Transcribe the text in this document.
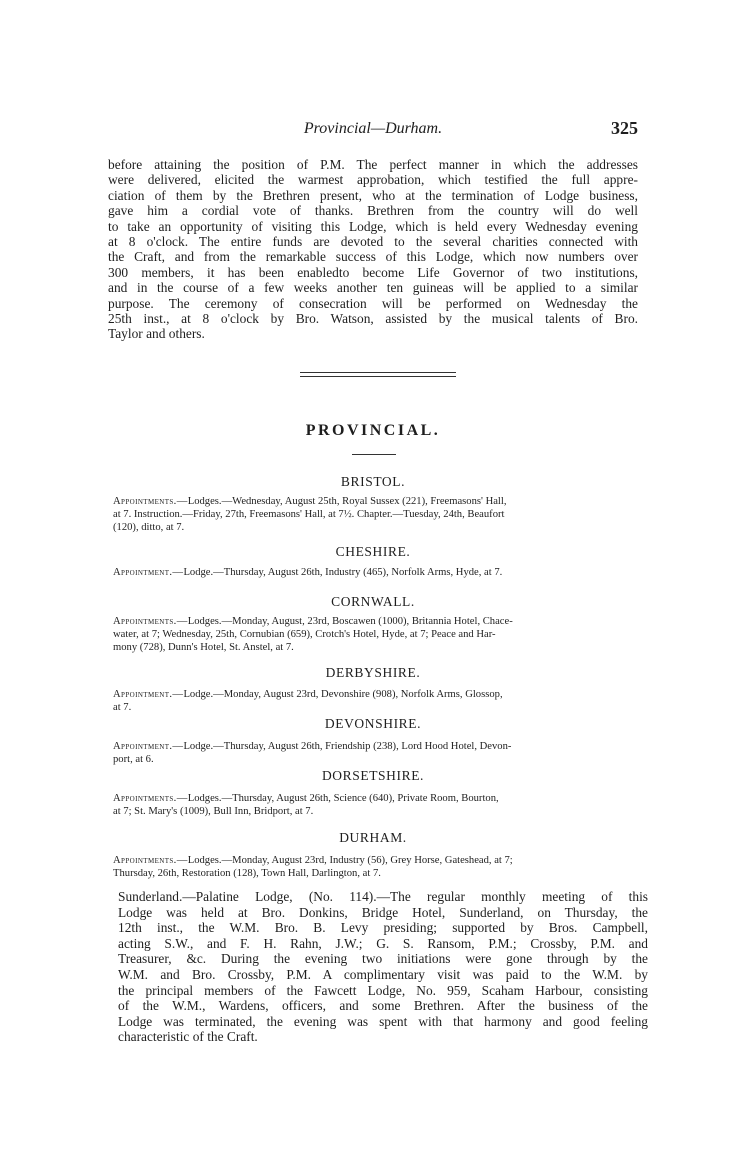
Provincial—Durham.	325
before attaining the position of P.M. The perfect manner in which the addresses
were delivered, elicited the warmest approbation, which testified the full appre-
ciation of them by the Brethren present, who at the termination of Lodge business,
gave him a cordial vote of thanks. Brethren from the country will do well
to take an opportunity of visiting this Lodge, which is held every Wednesday evening
at 8 o'clock. The entire funds are devoted to the several charities connected with
the Craft, and from the remarkable success of this Lodge, which now numbers over
300 members, it has been enabledto become Life Governor of two institutions,
and in the course of a few weeks another ten guineas will be applied to a similar
purpose. The ceremony of consecration will be performed on Wednesday the
25th inst., at 8 o'clock by Bro. Watson, assisted by the musical talents of Bro.
Taylor and others.
PROVINCIAL.
BRISTOL.
Appointments.—Lodges.—Wednesday, August 25th, Royal Sussex (221), Freemasons' Hall,
at 7. Instruction.—Friday, 27th, Freemasons' Hall, at 7½. Chapter.—Tuesday, 24th, Beaufort
(120), ditto, at 7.
CHESHIRE.
Appointment.—Lodge.—Thursday, August 26th, Industry (465), Norfolk Arms, Hyde, at 7.
CORNWALL.
Appointments.—Lodges.—Monday, August, 23rd, Boscawen (1000), Britannia Hotel, Chace-
water, at 7; Wednesday, 25th, Cornubian (659), Crotch's Hotel, Hyde, at 7; Peace and Har-
mony (728), Dunn's Hotel, St. Anstel, at 7.
DERBYSHIRE.
Appointment.—Lodge.—Monday, August 23rd, Devonshire (908), Norfolk Arms, Glossop,
at 7.
DEVONSHIRE.
Appointment.—Lodge.—Thursday, August 26th, Friendship (238), Lord Hood Hotel, Devon-
port, at 6.
DORSETSHIRE.
Appointments.—Lodges.—Thursday, August 26th, Science (640), Private Room, Bourton,
at 7; St. Mary's (1009), Bull Inn, Bridport, at 7.
DURHAM.
Appointments.—Lodges.—Monday, August 23rd, Industry (56), Grey Horse, Gateshead, at 7;
Thursday, 26th, Restoration (128), Town Hall, Darlington, at 7.
Sunderland.—Palatine Lodge, (No. 114).—The regular monthly meeting of this
Lodge was held at Bro. Donkins, Bridge Hotel, Sunderland, on Thursday, the
12th inst., the W.M. Bro. B. Levy presiding; supported by Bros. Campbell,
acting S.W., and F. H. Rahn, J.W.; G. S. Ransom, P.M.; Crossby, P.M. and
Treasurer, &c. During the evening two initiations were gone through by the
W.M. and Bro. Crossby, P.M. A complimentary visit was paid to the W.M. by
the principal members of the Fawcett Lodge, No. 959, Scaham Harbour, consisting
of the W.M., Wardens, officers, and some Brethren. After the business of the
Lodge was terminated, the evening was spent with that harmony and good feeling
characteristic of the Craft.
